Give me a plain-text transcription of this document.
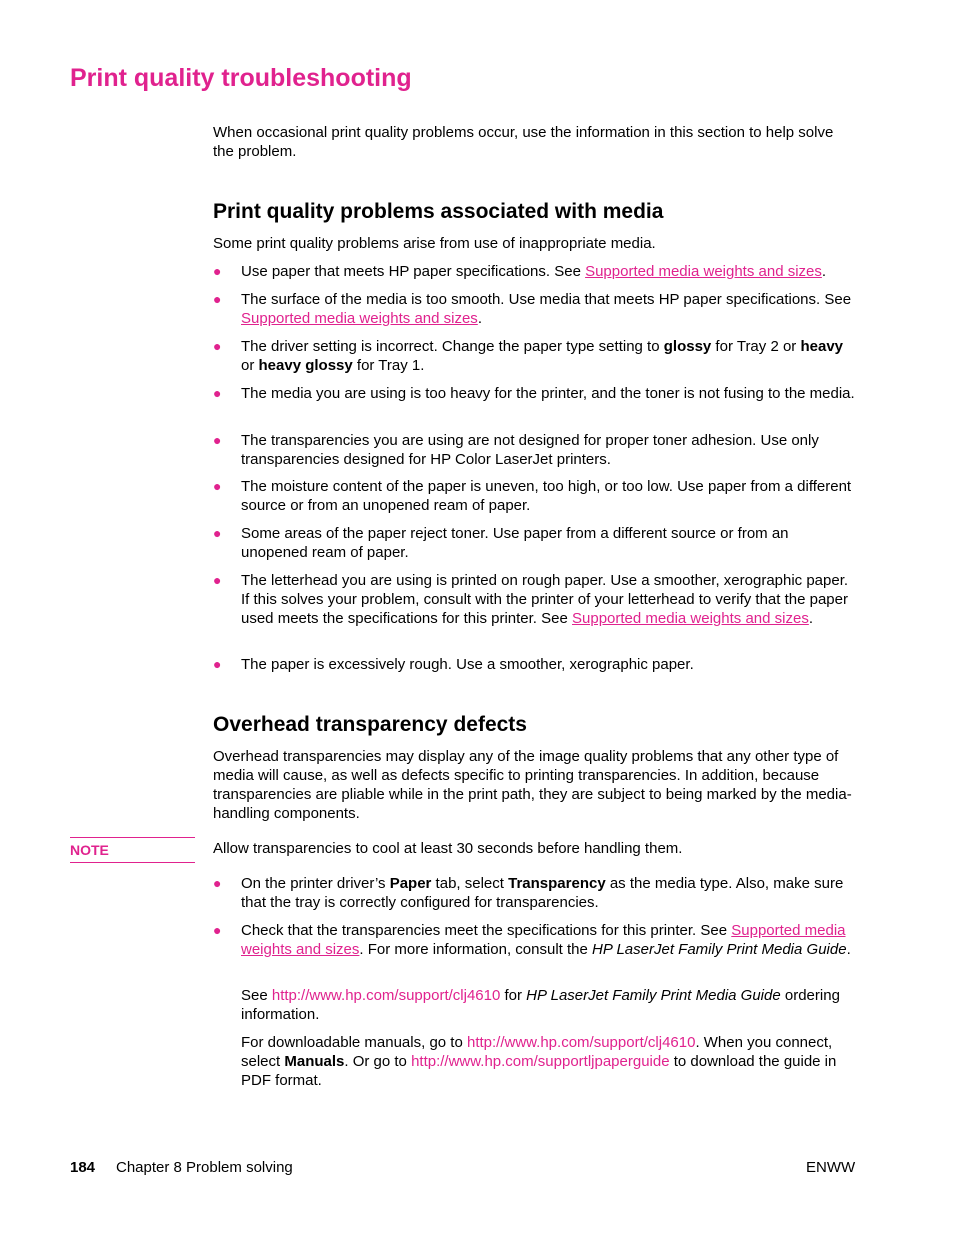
Print quality troubleshooting
When occasional print quality problems occur, use the information in this section to help solve the problem.
Print quality problems associated with media
Some print quality problems arise from use of inappropriate media.
● Use paper that meets HP paper specifications. See Supported media weights and sizes.
● The surface of the media is too smooth. Use media that meets HP paper specifications. See Supported media weights and sizes.
● The driver setting is incorrect. Change the paper type setting to glossy for Tray 2 or heavy or heavy glossy for Tray 1.
● The media you are using is too heavy for the printer, and the toner is not fusing to the media.
● The transparencies you are using are not designed for proper toner adhesion. Use only transparencies designed for HP Color LaserJet printers.
● The moisture content of the paper is uneven, too high, or too low. Use paper from a different source or from an unopened ream of paper.
● Some areas of the paper reject toner. Use paper from a different source or from an unopened ream of paper.
● The letterhead you are using is printed on rough paper. Use a smoother, xerographic paper. If this solves your problem, consult with the printer of your letterhead to verify that the paper used meets the specifications for this printer. See Supported media weights and sizes.
● The paper is excessively rough. Use a smoother, xerographic paper.
Overhead transparency defects
Overhead transparencies may display any of the image quality problems that any other type of media will cause, as well as defects specific to printing transparencies. In addition, because transparencies are pliable while in the print path, they are subject to being marked by the media-handling components.
NOTE	Allow transparencies to cool at least 30 seconds before handling them.
● On the printer driver’s Paper tab, select Transparency as the media type. Also, make sure that the tray is correctly configured for transparencies.
● Check that the transparencies meet the specifications for this printer. See Supported media weights and sizes. For more information, consult the HP LaserJet Family Print Media Guide.
See http://www.hp.com/support/clj4610 for HP LaserJet Family Print Media Guide ordering information.
For downloadable manuals, go to http://www.hp.com/support/clj4610. When you connect, select Manuals. Or go to http://www.hp.com/supportljpaperguide to download the guide in PDF format.
184 Chapter 8 Problem solving	ENWW
